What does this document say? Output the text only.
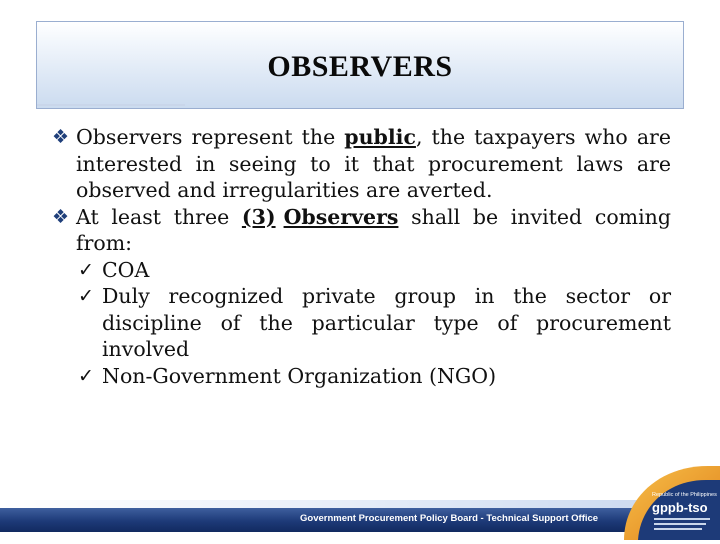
OBSERVERS
❖ Observers represent the public, the taxpayers who are interested in seeing to it that procurement laws are observed and irregularities are averted.
❖ At least three (3) Observers shall be invited coming from:
✓ COA
✓ Duly recognized private group in the sector or discipline of the particular type of procurement involved
✓ Non-Government Organization (NGO)
Government Procurement Policy Board - Technical Support Office
Republic of the Philippines
gppb-tso
